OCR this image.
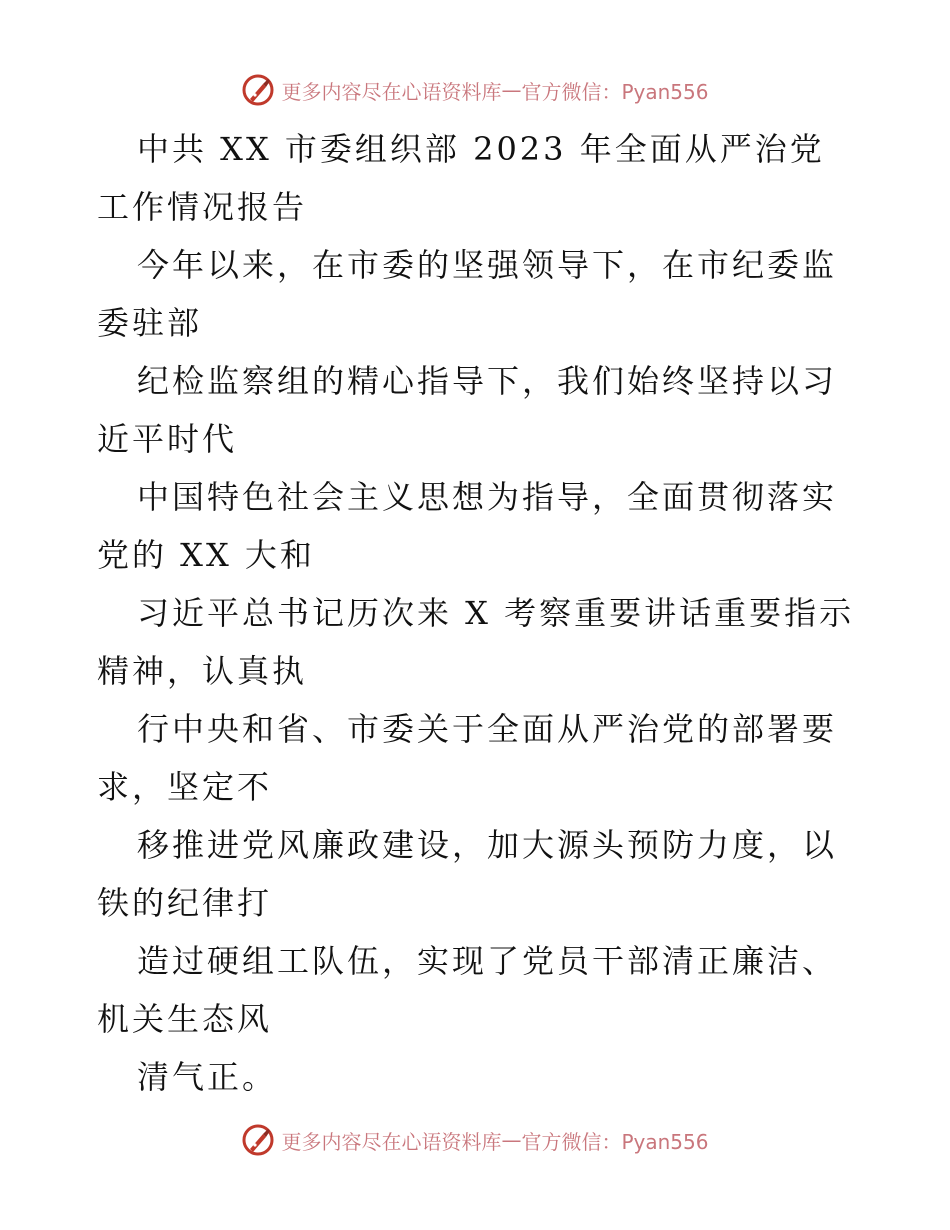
更多内容尽在心语资料库 — 官方微信：Pyan556

中共 XX 市委组织部 2023 年全面从严治党工作情况报告

今年以来，在市委的坚强领导下，在市纪委监委驻部

纪检监察组的精心指导下，我们始终坚持以习近平时代

中国特色社会主义思想为指导，全面贯彻落实党的 XX 大和

习近平总书记历次来 X 考察重要讲话重要指示精神，认真执

行中央和省、市委关于全面从严治党的部署要求，坚定不

移推进党风廉政建设，加大源头预防力度，以铁的纪律打

造过硬组工队伍，实现了党员干部清正廉洁、机关生态风

清气正。

更多内容尽在心语资料库 — 官方微信：Pyan556
